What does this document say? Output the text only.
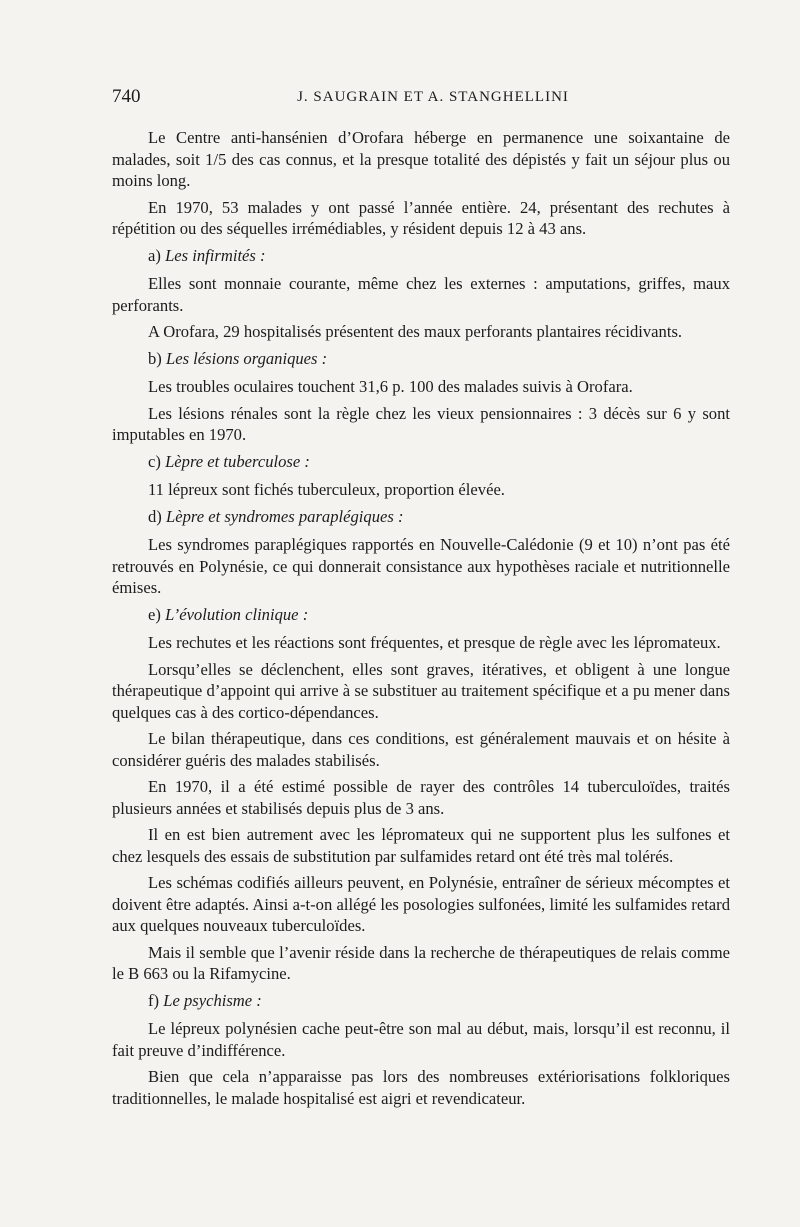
740	J. SAUGRAIN ET A. STANGHELLINI

Le Centre anti-hansénien d’Orofara héberge en permanence une soixantaine de malades, soit 1/5 des cas connus, et la presque totalité des dépistés y fait un séjour plus ou moins long.

En 1970, 53 malades y ont passé l’année entière. 24, présentant des rechutes à répétition ou des séquelles irrémédiables, y résident depuis 12 à 43 ans.

a) Les infirmités :

Elles sont monnaie courante, même chez les externes : amputations, griffes, maux perforants.

A Orofara, 29 hospitalisés présentent des maux perforants plantaires récidivants.

b) Les lésions organiques :

Les troubles oculaires touchent 31,6 p. 100 des malades suivis à Orofara.

Les lésions rénales sont la règle chez les vieux pensionnaires : 3 décès sur 6 y sont imputables en 1970.

c) Lèpre et tuberculose :

11 lépreux sont fichés tuberculeux, proportion élevée.

d) Lèpre et syndromes paraplégiques :

Les syndromes paraplégiques rapportés en Nouvelle-Calédonie (9 et 10) n’ont pas été retrouvés en Polynésie, ce qui donnerait consistance aux hypothèses raciale et nutritionnelle émises.

e) L’évolution clinique :

Les rechutes et les réactions sont fréquentes, et presque de règle avec les lépromateux.

Lorsqu’elles se déclenchent, elles sont graves, itératives, et obligent à une longue thérapeutique d’appoint qui arrive à se substituer au traitement spécifique et a pu mener dans quelques cas à des cortico-dépendances.

Le bilan thérapeutique, dans ces conditions, est généralement mauvais et on hésite à considérer guéris des malades stabilisés.

En 1970, il a été estimé possible de rayer des contrôles 14 tuberculoïdes, traités plusieurs années et stabilisés depuis plus de 3 ans.

Il en est bien autrement avec les lépromateux qui ne supportent plus les sulfones et chez lesquels des essais de substitution par sulfamides retard ont été très mal tolérés.

Les schémas codifiés ailleurs peuvent, en Polynésie, entraîner de sérieux mécomptes et doivent être adaptés. Ainsi a-t-on allégé les posologies sulfonées, limité les sulfamides retard aux quelques nouveaux tuberculoïdes.

Mais il semble que l’avenir réside dans la recherche de thérapeutiques de relais comme le B 663 ou la Rifamycine.

f) Le psychisme :

Le lépreux polynésien cache peut-être son mal au début, mais, lorsqu’il est reconnu, il fait preuve d’indifférence.

Bien que cela n’apparaisse pas lors des nombreuses extériorisations folkloriques traditionnelles, le malade hospitalisé est aigri et revendicateur.
